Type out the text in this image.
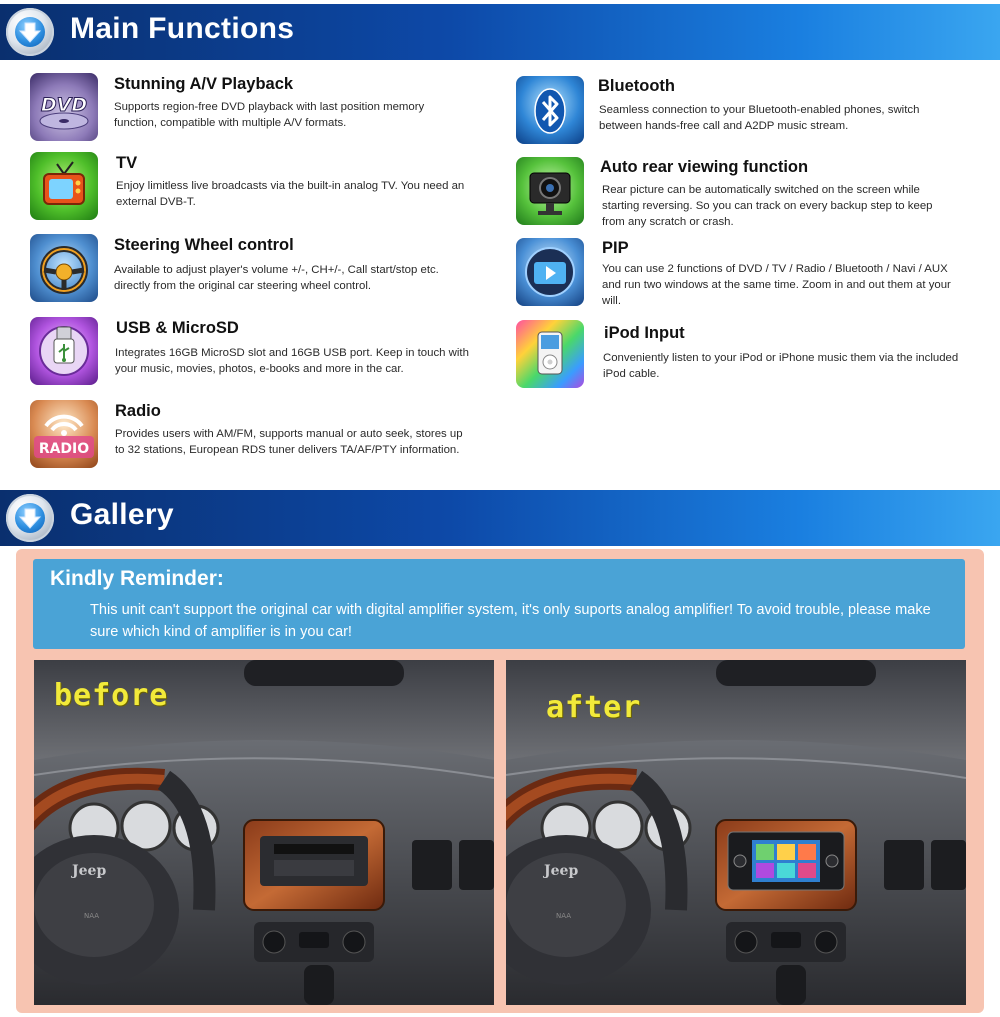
Main Functions
DVD
Stunning A/V Playback
Supports region-free DVD playback with last position memory function, compatible with multiple A/V formats.
TV
Enjoy limitless live broadcasts via the built-in analog TV. You need an external DVB-T.
Steering Wheel control
Available to adjust player's volume +/-, CH+/-, Call start/stop etc. directly from the original car steering wheel control.
USB & MicroSD
Integrates 16GB MicroSD slot and 16GB USB port. Keep in touch with your music, movies, photos, e-books and more in the car.
RADIO
Radio
Provides users with AM/FM, supports manual or auto seek, stores up to 32 stations, European RDS tuner delivers TA/AF/PTY information.
Bluetooth
Seamless connection to your Bluetooth-enabled phones, switch between hands-free call and A2DP music stream.
Auto rear viewing function
Rear picture can be automatically switched on the screen while starting reversing. So you can track on every backup step to keep from any scratch or crash.
PIP
You can use 2 functions of DVD / TV / Radio / Bluetooth / Navi / AUX and run two windows at the same time. Zoom in and out them at your will.
iPod Input
Conveniently listen to your iPod or iPhone music them via the included iPod cable.
Gallery
Kindly Reminder:
This unit can't support the original car with digital amplifier system, it's only suports analog amplifier! To avoid trouble, please make sure which kind of amplifier is in you car!
Jeep
NAA
before
Jeep
NAA
after
